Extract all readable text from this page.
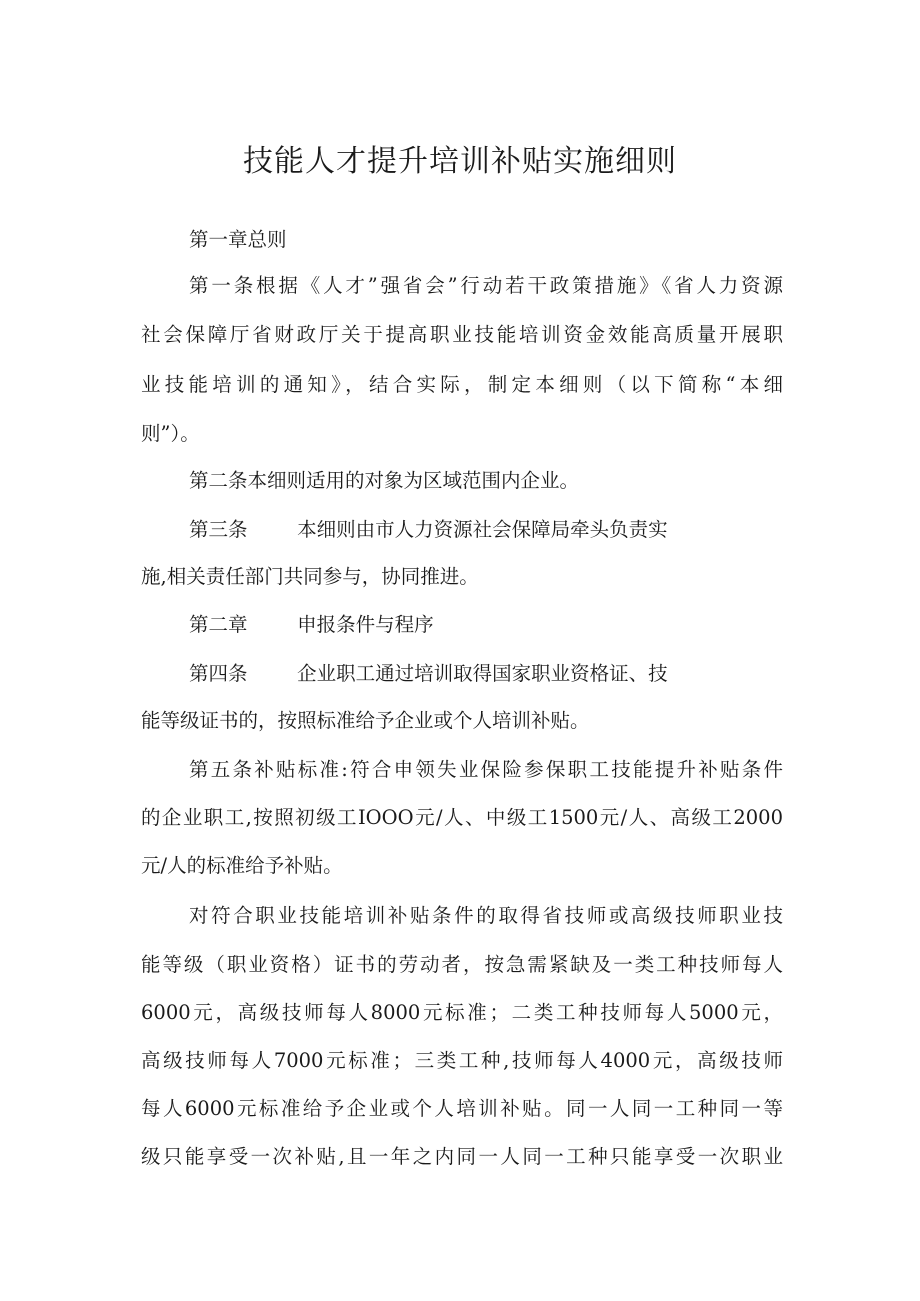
技能人才提升培训补贴实施细则

第一章总则

第一条根据《人才”强省会”行动若干政策措施》《省人力资源

社会保障厅省财政厅关于提高职业技能培训资金效能高质量开展职

业技能培训的通知》，结合实际，制定本细则（以下简称“本细

则”）。

第二条本细则适用的对象为区域范围内企业。

第三条        本细则由市人力资源社会保障局牵头负责实

施,相关责任部门共同参与，协同推进。

第二章        申报条件与程序

第四条        企业职工通过培训取得国家职业资格证、技

能等级证书的，按照标准给予企业或个人培训补贴。

第五条补贴标准:符合申领失业保险参保职工技能提升补贴条件

的企业职工,按照初级工IOOO元/人、中级工1500元/人、高级工2000

元/人的标准给予补贴。

对符合职业技能培训补贴条件的取得省技师或高级技师职业技

能等级（职业资格）证书的劳动者，按急需紧缺及一类工种技师每人

6000元，高级技师每人8000元标准；二类工种技师每人5000元，

高级技师每人7000元标准；三类工种,技师每人4000元，高级技师

每人6000元标准给予企业或个人培训补贴。同一人同一工种同一等

级只能享受一次补贴,且一年之内同一人同一工种只能享受一次职业
